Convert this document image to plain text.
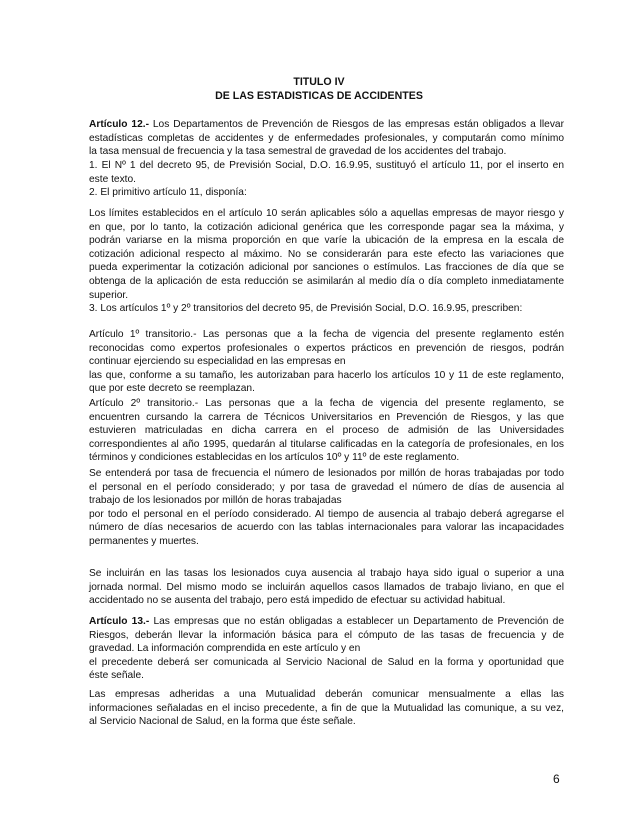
TITULO IV
DE LAS ESTADISTICAS DE ACCIDENTES
Artículo 12.- Los Departamentos de Prevención de Riesgos de las empresas están obligados a llevar
estadísticas completas de accidentes y de enfermedades profesionales, y computarán como mínimo
la tasa mensual de frecuencia y la tasa semestral de gravedad de los accidentes del trabajo.
1. El Nº 1 del decreto 95, de Previsión Social, D.O. 16.9.95, sustituyó el artículo 11, por el inserto en
este texto.
2. El primitivo artículo 11, disponía:
Los límites establecidos en el artículo 10 serán aplicables sólo a aquellas empresas de mayor riesgo y
en que, por lo tanto, la cotización adicional genérica que les corresponde pagar sea la máxima, y
podrán variarse en la misma proporción en que varíe la ubicación de la empresa en la escala de
cotización adicional respecto al máximo. No se considerarán para este efecto las variaciones que
pueda experimentar la cotización adicional por sanciones o estímulos. Las fracciones de día que se
obtenga de la aplicación de esta reducción se asimilarán al medio día o día completo inmediatamente
superior.
3. Los artículos 1º y 2º transitorios del decreto 95, de Previsión Social, D.O. 16.9.95, prescriben:
Artículo 1º transitorio.- Las personas que a la fecha de vigencia del presente reglamento estén
reconocidas como expertos profesionales o expertos prácticos en prevención de riesgos, podrán
continuar ejerciendo su especialidad en las empresas en
las que, conforme a su tamaño, les autorizaban para hacerlo los artículos 10 y 11 de este reglamento,
que por este decreto se reemplazan.
Artículo 2º transitorio.- Las personas que a la fecha de vigencia del presente reglamento, se
encuentren cursando la carrera de Técnicos Universitarios en Prevención de Riesgos, y las que
estuvieren matriculadas en dicha carrera en el proceso de admisión de las Universidades
correspondientes al año 1995, quedarán al titularse calificadas en la categoría de profesionales, en los
términos y condiciones establecidas en los artículos 10º y 11º de este reglamento.
Se entenderá por tasa de frecuencia el número de lesionados por millón de horas trabajadas por todo
el personal en el período considerado; y por tasa de gravedad el número de días de ausencia al
trabajo de los lesionados por millón de horas trabajadas
por todo el personal en el período considerado. Al tiempo de ausencia al trabajo deberá agregarse el
número de días necesarios de acuerdo con las tablas internacionales para valorar las incapacidades
permanentes y muertes.
Se incluirán en las tasas los lesionados cuya ausencia al trabajo haya sido igual o superior a una
jornada normal. Del mismo modo se incluirán aquellos casos llamados de trabajo liviano, en que el
accidentado no se ausenta del trabajo, pero está impedido de efectuar su actividad habitual.
Artículo 13.- Las empresas que no están obligadas a establecer un Departamento de Prevención de
Riesgos, deberán llevar la información básica para el cómputo de las tasas de frecuencia y de
gravedad. La información comprendida en este artículo y en
el precedente deberá ser comunicada al Servicio Nacional de Salud en la forma y oportunidad que
éste señale.
Las empresas adheridas a una Mutualidad deberán comunicar mensualmente a ellas las
informaciones señaladas en el inciso precedente, a fin de que la Mutualidad las comunique, a su vez,
al Servicio Nacional de Salud, en la forma que éste señale.
6
